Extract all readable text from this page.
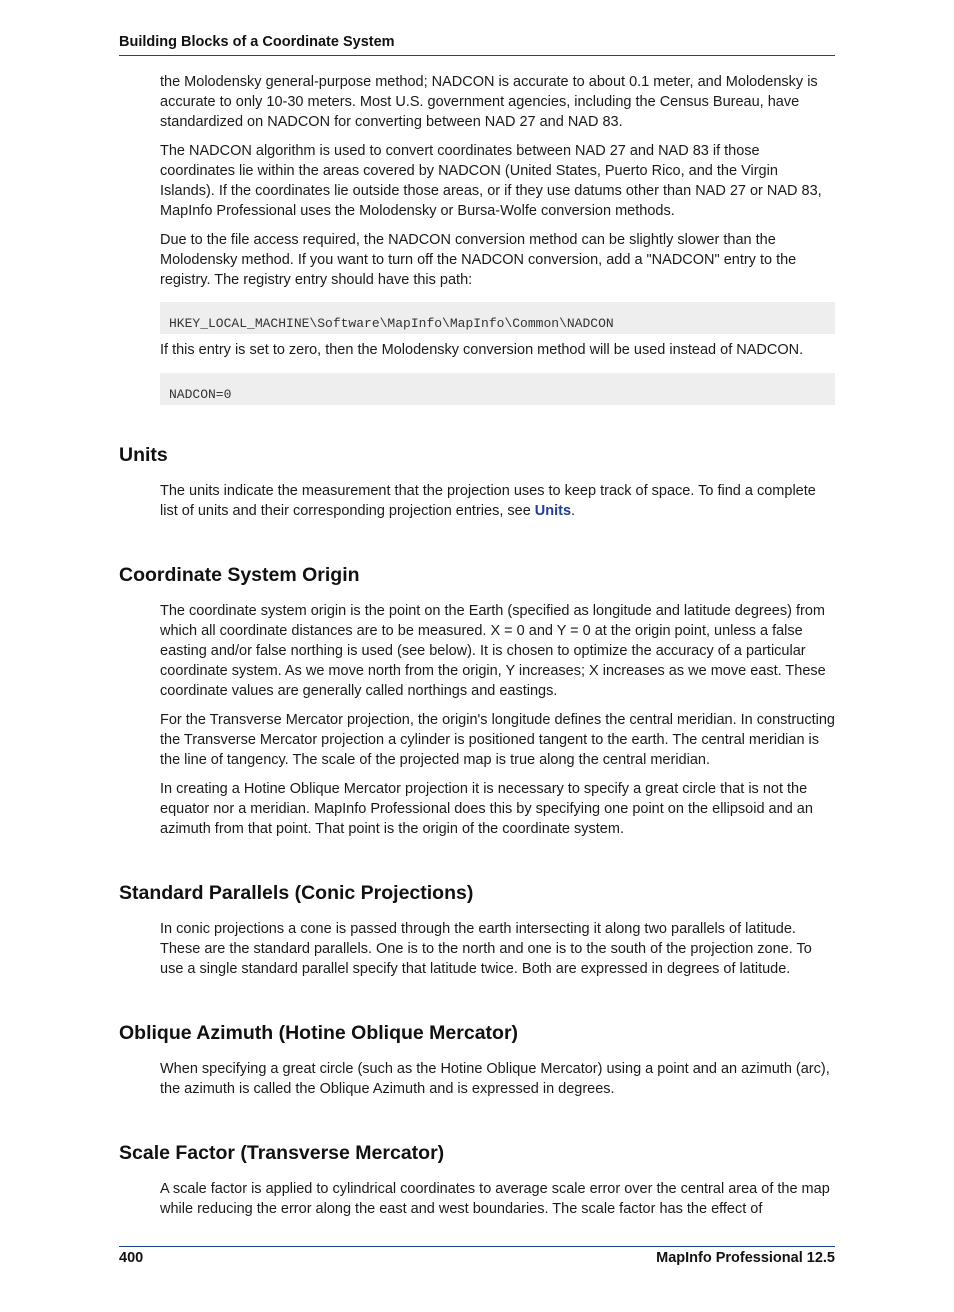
Building Blocks of a Coordinate System

the Molodensky general-purpose method; NADCON is accurate to about 0.1 meter, and Molodensky is accurate to only 10-30 meters. Most U.S. government agencies, including the Census Bureau, have standardized on NADCON for converting between NAD 27 and NAD 83.

The NADCON algorithm is used to convert coordinates between NAD 27 and NAD 83 if those coordinates lie within the areas covered by NADCON (United States, Puerto Rico, and the Virgin Islands). If the coordinates lie outside those areas, or if they use datums other than NAD 27 or NAD 83, MapInfo Professional uses the Molodensky or Bursa-Wolfe conversion methods.

Due to the file access required, the NADCON conversion method can be slightly slower than the Molodensky method. If you want to turn off the NADCON conversion, add a "NADCON" entry to the registry. The registry entry should have this path:

HKEY_LOCAL_MACHINE\Software\MapInfo\MapInfo\Common\NADCON

If this entry is set to zero, then the Molodensky conversion method will be used instead of NADCON.

NADCON=0
Units

The units indicate the measurement that the projection uses to keep track of space. To find a complete list of units and their corresponding projection entries, see Units.

Coordinate System Origin

The coordinate system origin is the point on the Earth (specified as longitude and latitude degrees) from which all coordinate distances are to be measured. X = 0 and Y = 0 at the origin point, unless a false easting and/or false northing is used (see below). It is chosen to optimize the accuracy of a particular coordinate system. As we move north from the origin, Y increases; X increases as we move east. These coordinate values are generally called northings and eastings.

For the Transverse Mercator projection, the origin's longitude defines the central meridian. In constructing the Transverse Mercator projection a cylinder is positioned tangent to the earth. The central meridian is the line of tangency. The scale of the projected map is true along the central meridian.

In creating a Hotine Oblique Mercator projection it is necessary to specify a great circle that is not the equator nor a meridian. MapInfo Professional does this by specifying one point on the ellipsoid and an azimuth from that point. That point is the origin of the coordinate system.

Standard Parallels (Conic Projections)

In conic projections a cone is passed through the earth intersecting it along two parallels of latitude. These are the standard parallels. One is to the north and one is to the south of the projection zone. To use a single standard parallel specify that latitude twice. Both are expressed in degrees of latitude.

Oblique Azimuth (Hotine Oblique Mercator)

When specifying a great circle (such as the Hotine Oblique Mercator) using a point and an azimuth (arc), the azimuth is called the Oblique Azimuth and is expressed in degrees.

Scale Factor (Transverse Mercator)

A scale factor is applied to cylindrical coordinates to average scale error over the central area of the map while reducing the error along the east and west boundaries. The scale factor has the effect of

400	MapInfo Professional 12.5
